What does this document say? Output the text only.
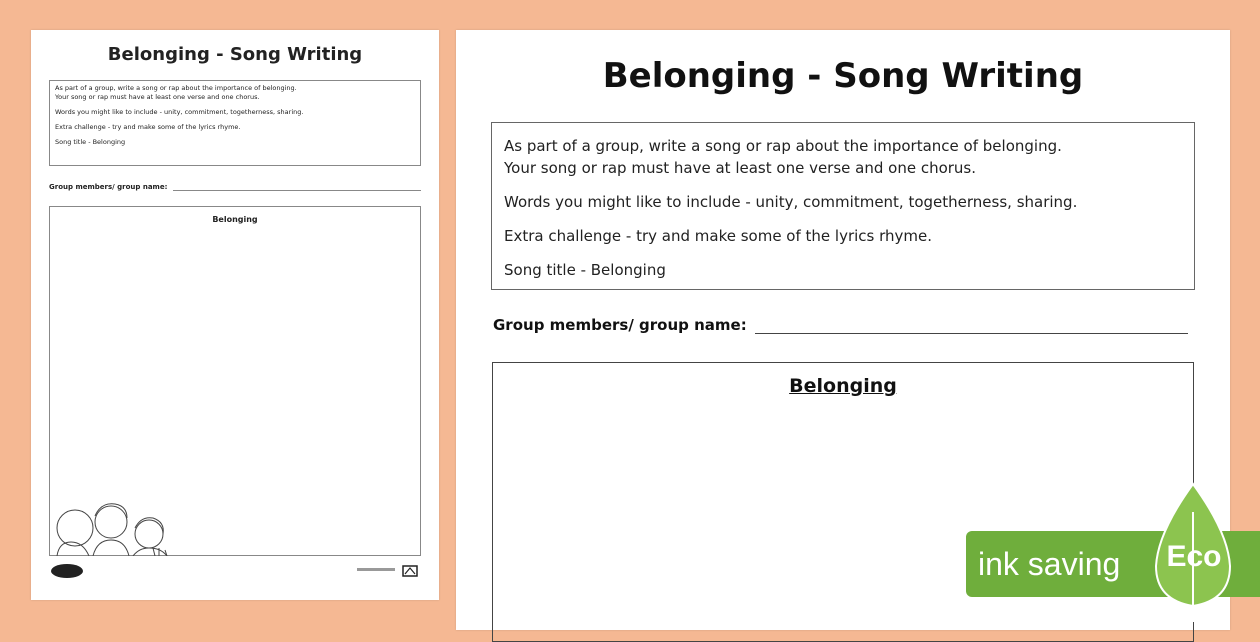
Belonging - Song Writing

As part of a group, write a song or rap about the importance of belonging.
Your song or rap must have at least one verse and one chorus.

Words you might like to include - unity, commitment, togetherness, sharing.

Extra challenge - try and make some of the lyrics rhyme.

Song title - Belonging

Group members/ group name:
Belonging
Belonging - Song Writing

As part of a group, write a song or rap about the importance of belonging.

Your song or rap must have at least one verse and one chorus.

Words you might like to include - unity, commitment, togetherness, sharing.

Extra challenge - try and make some of the lyrics rhyme.

Song title - Belonging

Group members/ group name:
Belonging
ink saving	Eco
